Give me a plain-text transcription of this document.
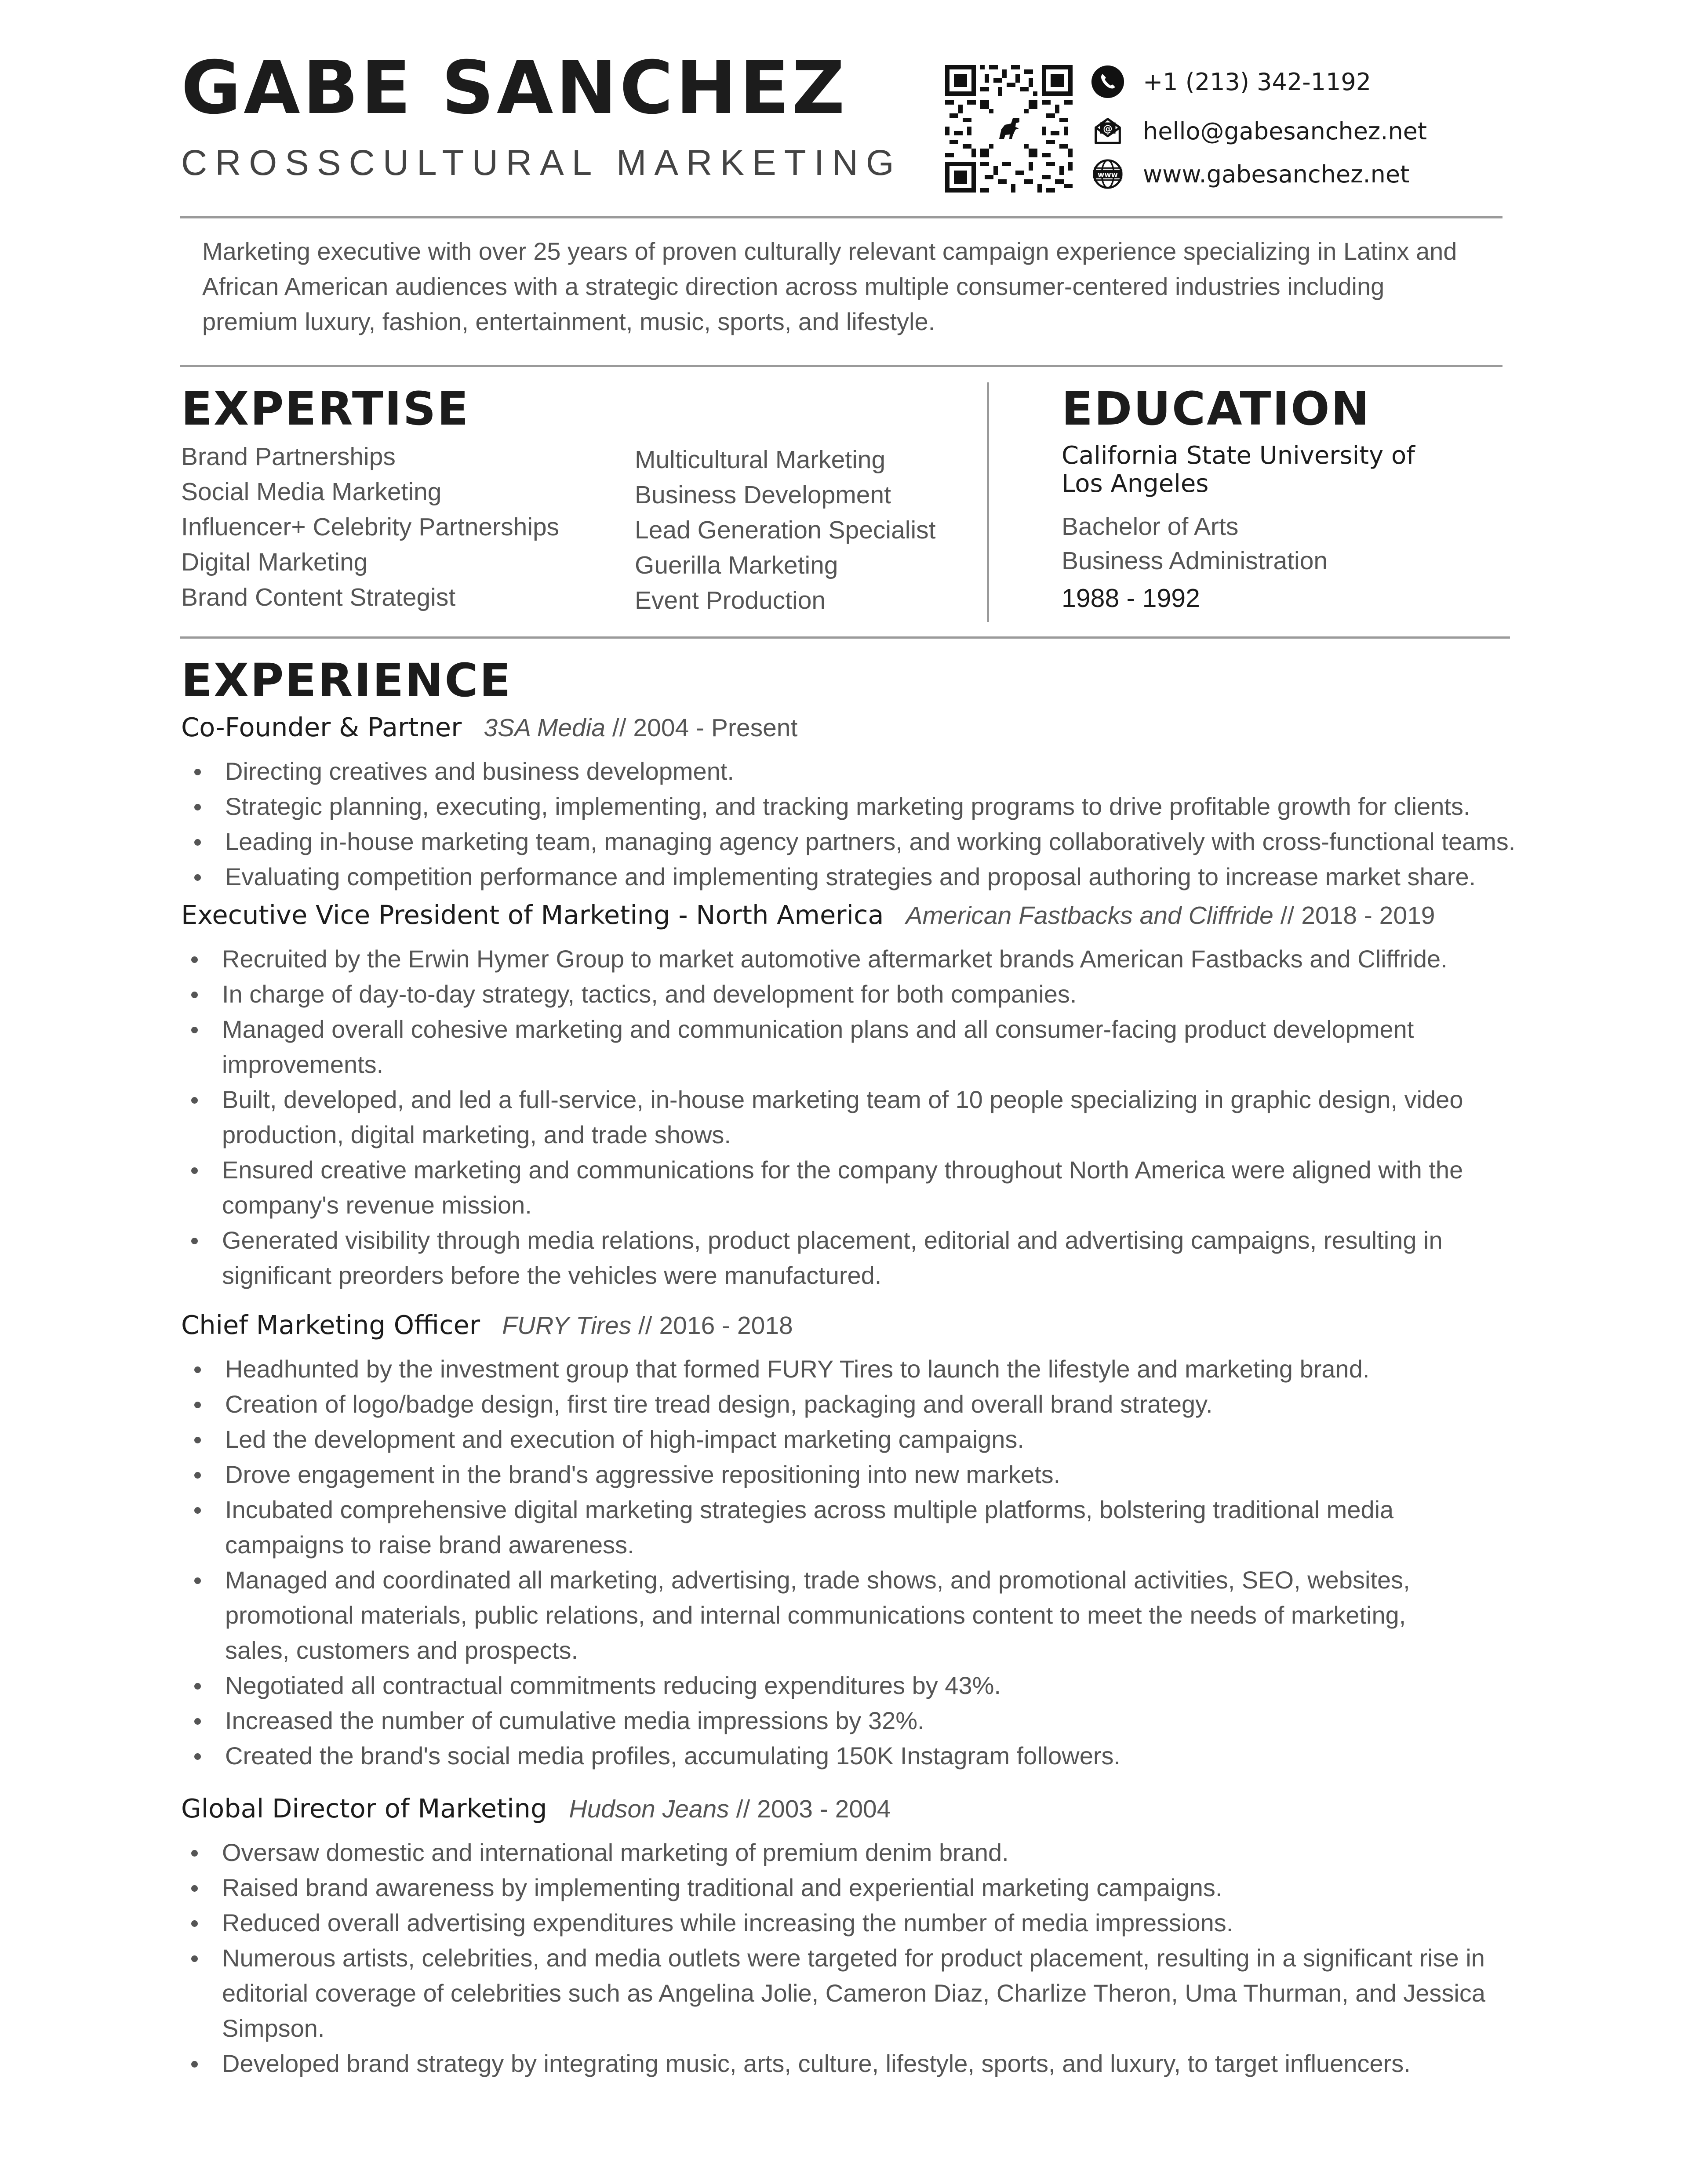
GABE SANCHEZ
CROSSCULTURAL MARKETING
+1 (213) 342-1192
@ hello@gabesanchez.net
www www.gabesanchez.net
Marketing executive with over 25 years of proven culturally relevant campaign experience specializing in Latinx and African American audiences with a strategic direction across multiple consumer-centered industries including premium luxury, fashion, entertainment, music, sports, and lifestyle.
EXPERTISE
Brand Partnerships
Social Media Marketing
Influencer+ Celebrity Partnerships
Digital Marketing
Brand Content Strategist
Multicultural Marketing
Business Development
Lead Generation Specialist
Guerilla Marketing
Event Production
EDUCATION
California State University of Los Angeles
Bachelor of Arts
Business Administration
1988 - 1992
EXPERIENCE
Co-Founder & Partner 3SA Media // 2004 - Present
Directing creatives and business development.
Strategic planning, executing, implementing, and tracking marketing programs to drive profitable growth for clients.
Leading in-house marketing team, managing agency partners, and working collaboratively with cross-functional teams.
Evaluating competition performance and implementing strategies and proposal authoring to increase market share.
Executive Vice President of Marketing - North America American Fastbacks and Cliffride // 2018 - 2019
Recruited by the Erwin Hymer Group to market automotive aftermarket brands American Fastbacks and Cliffride.
In charge of day-to-day strategy, tactics, and development for both companies.
Managed overall cohesive marketing and communication plans and all consumer-facing product development improvements.
Built, developed, and led a full-service, in-house marketing team of 10 people specializing in graphic design, video production, digital marketing, and trade shows.
Ensured creative marketing and communications for the company throughout North America were aligned with the company's revenue mission.
Generated visibility through media relations, product placement, editorial and advertising campaigns, resulting in significant preorders before the vehicles were manufactured.
Chief Marketing Officer FURY Tires // 2016 - 2018
Headhunted by the investment group that formed FURY Tires to launch the lifestyle and marketing brand.
Creation of logo/badge design, first tire tread design, packaging and overall brand strategy.
Led the development and execution of high-impact marketing campaigns.
Drove engagement in the brand's aggressive repositioning into new markets.
Incubated comprehensive digital marketing strategies across multiple platforms, bolstering traditional media campaigns to raise brand awareness.
Managed and coordinated all marketing, advertising, trade shows, and promotional activities, SEO, websites, promotional materials, public relations, and internal communications content to meet the needs of marketing, sales, customers and prospects.
Negotiated all contractual commitments reducing expenditures by 43%.
Increased the number of cumulative media impressions by 32%.
Created the brand's social media profiles, accumulating 150K Instagram followers.
Global Director of Marketing Hudson Jeans // 2003 - 2004
Oversaw domestic and international marketing of premium denim brand.
Raised brand awareness by implementing traditional and experiential marketing campaigns.
Reduced overall advertising expenditures while increasing the number of media impressions.
Numerous artists, celebrities, and media outlets were targeted for product placement, resulting in a significant rise in editorial coverage of celebrities such as Angelina Jolie, Cameron Diaz, Charlize Theron, Uma Thurman, and Jessica Simpson.
Developed brand strategy by integrating music, arts, culture, lifestyle, sports, and luxury, to target influencers.
